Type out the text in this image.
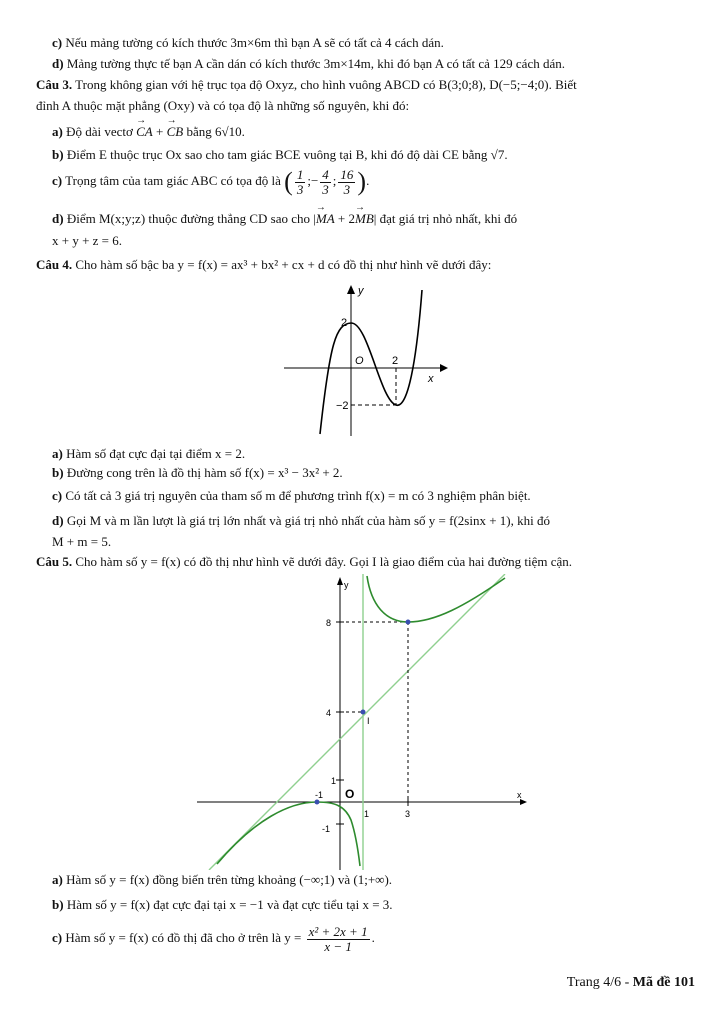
c) Nếu mảng tường có kích thước 3m×6m thì bạn A sẽ có tất cả 4 cách dán.
d) Mảng tường thực tế bạn A cần dán có kích thước 3m×14m, khi đó bạn A có tất cả 129 cách dán.
Câu 3. Trong không gian với hệ trục tọa độ Oxyz, cho hình vuông ABCD có B(3;0;8), D(−5;−4;0). Biết
đỉnh A thuộc mặt phẳng (Oxy) và có tọa độ là những số nguyên, khi đó:
a) Độ dài vectơ → CA + → CB bằng 6√10.
b) Điểm E thuộc trục Ox sao cho tam giác BCE vuông tại B, khi đó độ dài CE bằng √7.
c) Trọng tâm của tam giác ABC có tọa độ là ( $\frac{1}{3}$ ;− $\frac{4}{3}$ ; $\frac{16}{3}$ ).
d) Điểm M(x;y;z) thuộc đường thẳng CD sao cho |→ MA + 2→ MB| đạt giá trị nhỏ nhất, khi đó
x + y + z = 6.
Câu 4. Cho hàm số bậc ba y = f(x) = ax³ + bx² + cx + d có đồ thị như hình vẽ dưới đây:
y
x
O
2
2
−2
a) Hàm số đạt cực đại tại điểm x = 2.
b) Đường cong trên là đồ thị hàm số f(x) = x³ − 3x² + 2.
c) Có tất cả 3 giá trị nguyên của tham số m để phương trình f(x) = m có 3 nghiệm phân biệt.
d) Gọi M và m lần lượt là giá trị lớn nhất và giá trị nhỏ nhất của hàm số y = f(2sinx + 1), khi đó
M + m = 5.
Câu 5. Cho hàm số y = f(x) có đồ thị như hình vẽ dưới đây. Gọi I là giao điểm của hai đường tiệm cận.
y
x
O
8
4
1
-1
-1
1	3
I
a) Hàm số y = f(x) đồng biến trên từng khoảng (−∞;1) và (1;+∞).
b) Hàm số y = f(x) đạt cực đại tại x = −1 và đạt cực tiểu tại x = 3.
c) Hàm số y = f(x) có đồ thị đã cho ở trên là $y = \frac{\text{x² + 2x + 1}}{x - 1}$ .
Trang 4/6 - Mã đề 101
